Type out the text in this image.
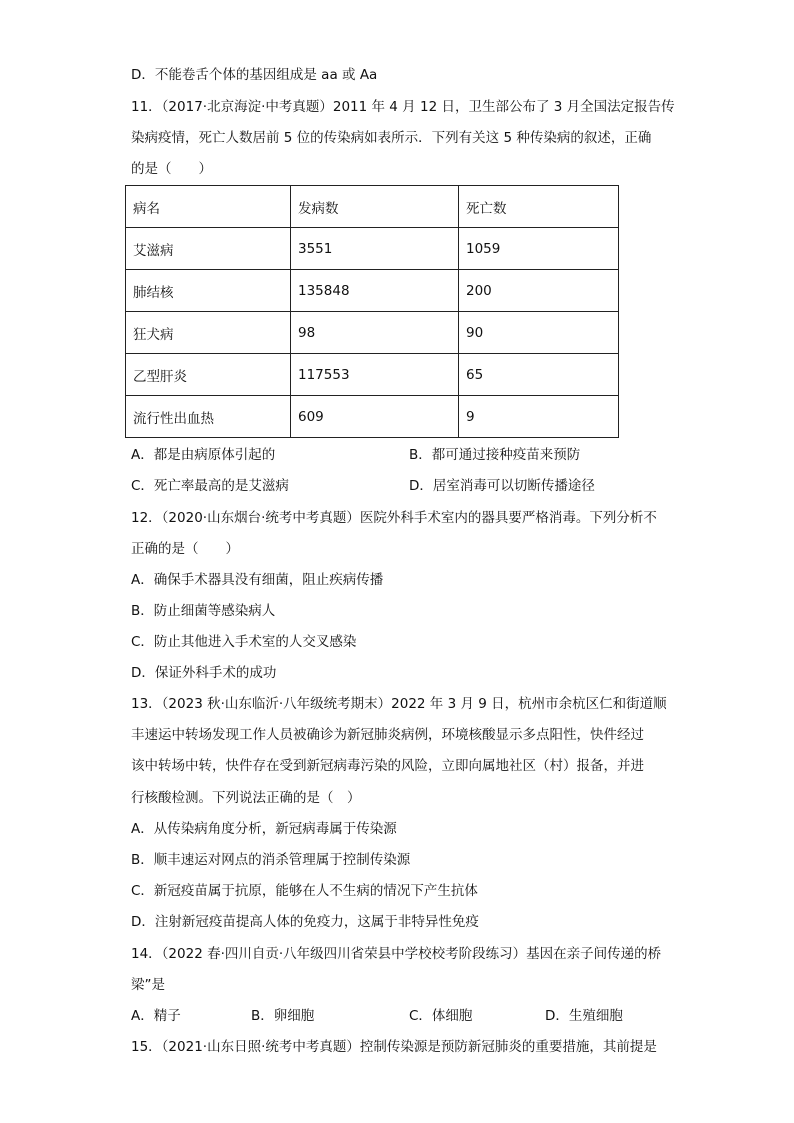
D．不能卷舌个体的基因组成是 aa 或 Aa
11．（2017·北京海淀·中考真题）2011 年 4 月 12 日，卫生部公布了 3 月全国法定报告传
染病疫情，死亡人数居前 5 位的传染病如表所示．下列有关这 5 种传染病的叙述，正确
的是（　　）
病名	发病数	死亡数
艾滋病	3551	1059
肺结核	135848	200
狂犬病	98	90
乙型肝炎	117553	65
流行性出血热	609	9
A．都是由病原体引起的	B．都可通过接种疫苗来预防
C．死亡率最高的是艾滋病	D．居室消毒可以切断传播途径
12．（2020·山东烟台·统考中考真题）医院外科手术室内的器具要严格消毒。下列分析不
正确的是（　　）
A．确保手术器具没有细菌，阻止疾病传播
B．防止细菌等感染病人
C．防止其他进入手术室的人交叉感染
D．保证外科手术的成功
13．（2023 秋·山东临沂·八年级统考期末）2022 年 3 月 9 日，杭州市余杭区仁和街道顺
丰速运中转场发现工作人员被确诊为新冠肺炎病例，环境核酸显示多点阳性，快件经过
该中转场中转，快件存在受到新冠病毒污染的风险，立即向属地社区（村）报备，并进
行核酸检测。下列说法正确的是（　）
A．从传染病角度分析，新冠病毒属于传染源
B．顺丰速运对网点的消杀管理属于控制传染源
C．新冠疫苗属于抗原，能够在人不生病的情况下产生抗体
D．注射新冠疫苗提高人体的免疫力，这属于非特异性免疫
14．（2022 春·四川自贡·八年级四川省荣县中学校校考阶段练习）基因在亲子间传递的桥
梁”是
A．精子	B．卵细胞	C．体细胞	D．生殖细胞
15．（2021·山东日照·统考中考真题）控制传染源是预防新冠肺炎的重要措施，其前提是
